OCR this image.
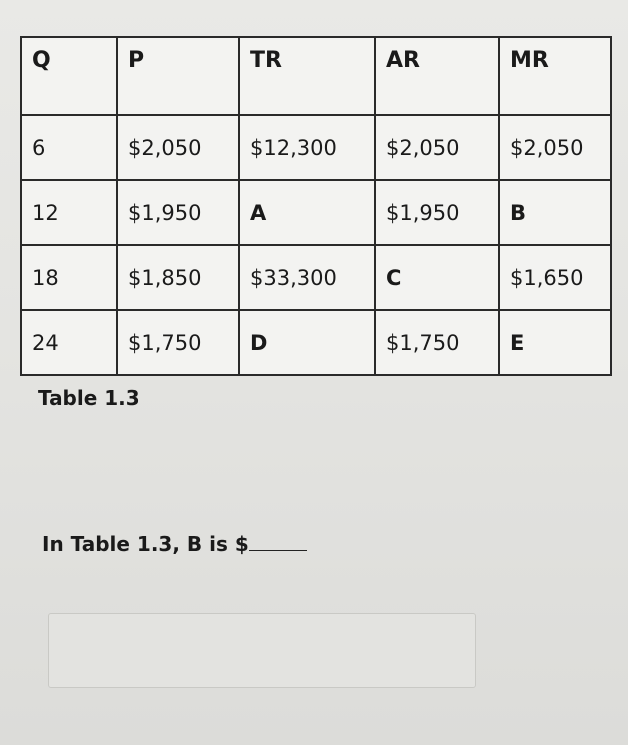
Q	P	TR	AR	MR
6	$2,050	$12,300	$2,050	$2,050
12	$1,950	A	$1,950	B
18	$1,850	$33,300	C	$1,650
24	$1,750	D	$1,750	E
Table 1.3
In Table 1.3, B is $
